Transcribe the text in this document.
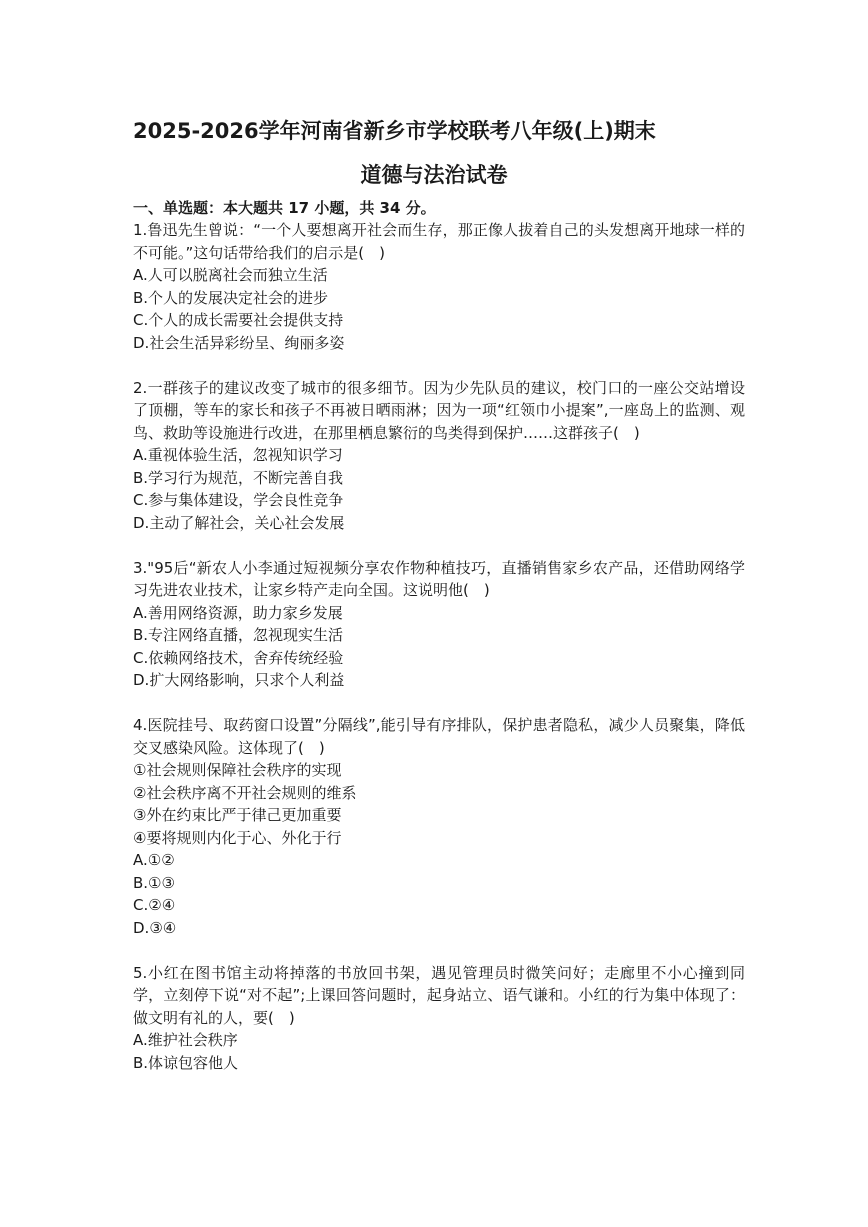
2025-2026学年河南省新乡市学校联考八年级(上)期末
道德与法治试卷
一、单选题：本大题共 17 小题，共 34 分。
1.鲁迅先生曾说：“一个人要想离开社会而生存，那正像人拔着自己的头发想离开地球一样的不可能。”这句话带给我们的启示是(　)
A.人可以脱离社会而独立生活
B.个人的发展决定社会的进步
C.个人的成长需要社会提供支持
D.社会生活异彩纷呈、绚丽多姿
2.一群孩子的建议改变了城市的很多细节。因为少先队员的建议，校门口的一座公交站增设了顶棚，等车的家长和孩子不再被日晒雨淋；因为一项“红领巾小提案”,一座岛上的监测、观鸟、救助等设施进行改进，在那里栖息繁衍的鸟类得到保护……这群孩子(　)
A.重视体验生活，忽视知识学习
B.学习行为规范，不断完善自我
C.参与集体建设，学会良性竞争
D.主动了解社会，关心社会发展
3."95后“新农人小李通过短视频分享农作物种植技巧，直播销售家乡农产品，还借助网络学习先进农业技术，让家乡特产走向全国。这说明他(　)
A.善用网络资源，助力家乡发展
B.专注网络直播，忽视现实生活
C.依赖网络技术，舍弃传统经验
D.扩大网络影响，只求个人利益
4.医院挂号、取药窗口设置”分隔线”,能引导有序排队，保护患者隐私，减少人员聚集，降低交叉感染风险。这体现了(　)
①社会规则保障社会秩序的实现
②社会秩序离不开社会规则的维系
③外在约束比严于律己更加重要
④要将规则内化于心、外化于行
A.①②
B.①③
C.②④
D.③④
5.小红在图书馆主动将掉落的书放回书架，遇见管理员时微笑问好；走廊里不小心撞到同学，立刻停下说“对不起”;上课回答问题时，起身站立、语气谦和。小红的行为集中体现了：做文明有礼的人，要(　)
A.维护社会秩序
B.体谅包容他人
